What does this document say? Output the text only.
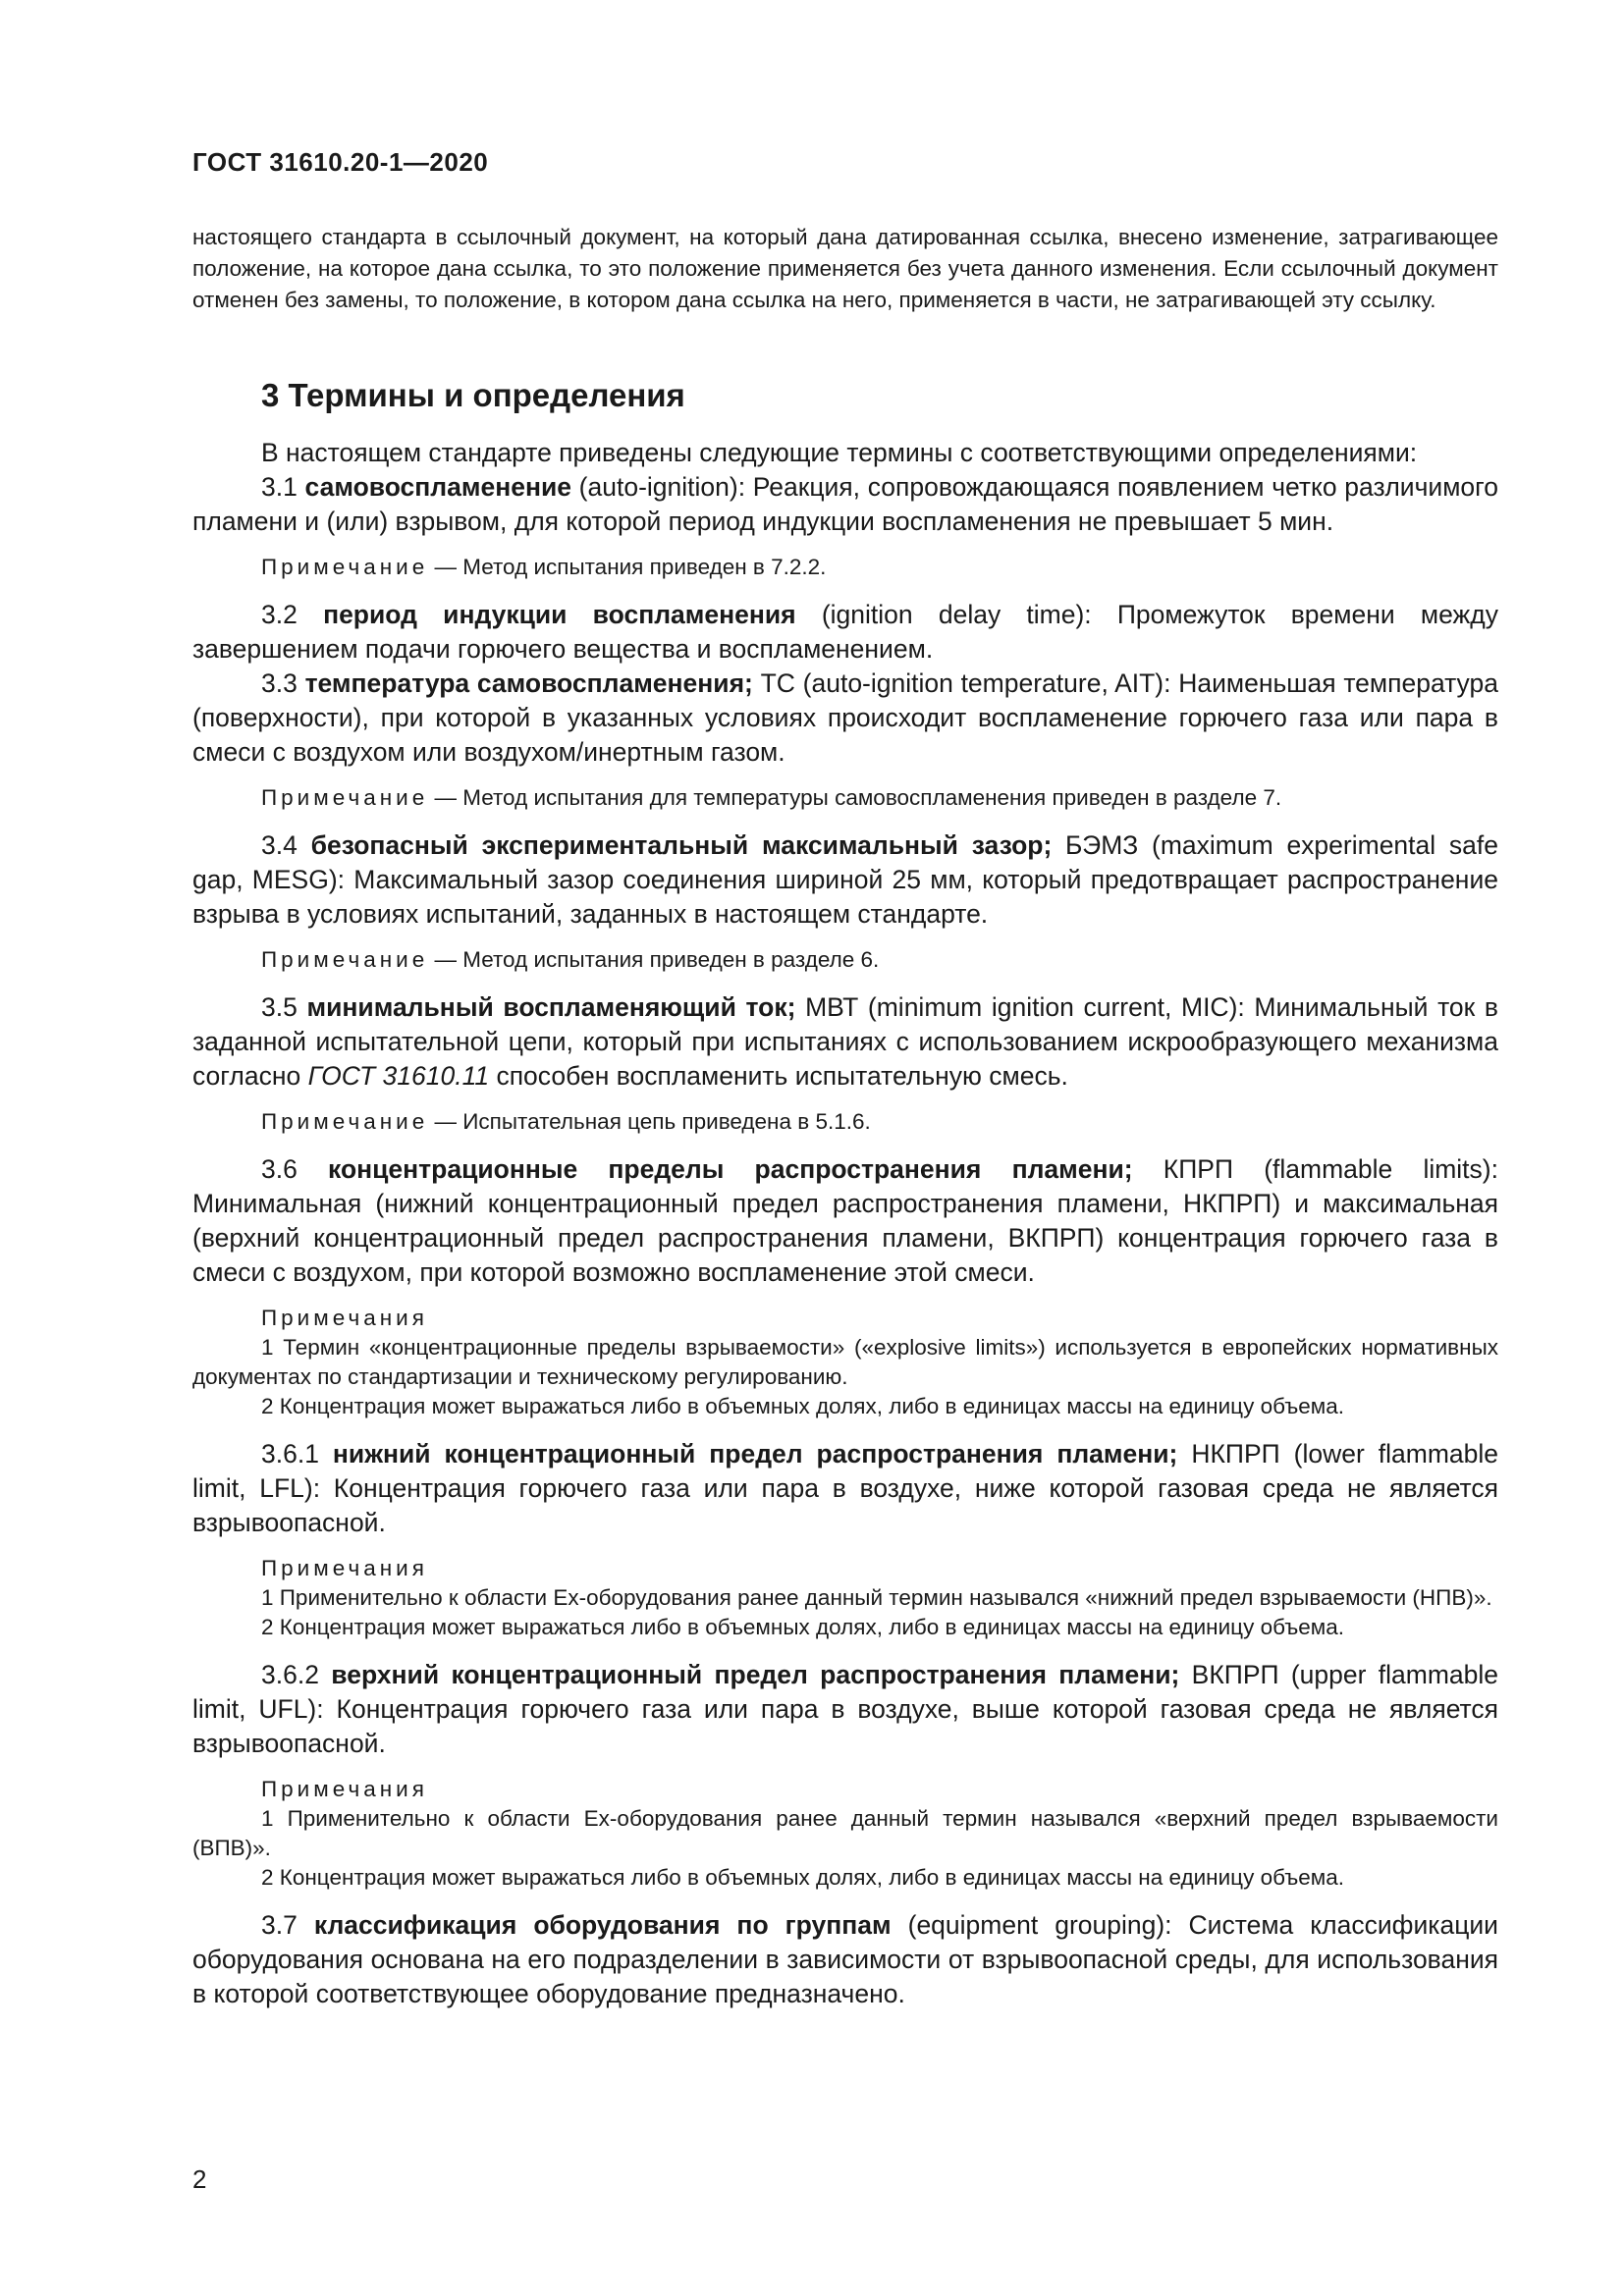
ГОСТ 31610.20-1—2020
настоящего стандарта в ссылочный документ, на который дана датированная ссылка, внесено изменение, затрагивающее положение, на которое дана ссылка, то это положение применяется без учета данного изменения. Если ссылочный документ отменен без замены, то положение, в котором дана ссылка на него, применяется в части, не затрагивающей эту ссылку.
3 Термины и определения

В настоящем стандарте приведены следующие термины с соответствующими определениями:

3.1 самовоспламенение (auto-ignition): Реакция, сопровождающаяся появлением четко различимого пламени и (или) взрывом, для которой период индукции воспламенения не превышает 5 мин.

Примечание — Метод испытания приведен в 7.2.2.

3.2 период индукции воспламенения (ignition delay time): Промежуток времени между завершением подачи горючего вещества и воспламенением.

3.3 температура самовоспламенения; ТС (auto-ignition temperature, AIT): Наименьшая температура (поверхности), при которой в указанных условиях происходит воспламенение горючего газа или пара в смеси с воздухом или воздухом/инертным газом.

Примечание — Метод испытания для температуры самовоспламенения приведен в разделе 7.

3.4 безопасный экспериментальный максимальный зазор; БЭМЗ (maximum experimental safe gap, MESG): Максимальный зазор соединения шириной 25 мм, который предотвращает распространение взрыва в условиях испытаний, заданных в настоящем стандарте.

Примечание — Метод испытания приведен в разделе 6.

3.5 минимальный воспламеняющий ток; МВТ (minimum ignition current, MIC): Минимальный ток в заданной испытательной цепи, который при испытаниях с использованием искрообразующего механизма согласно ГОСТ 31610.11 способен воспламенить испытательную смесь.

Примечание — Испытательная цепь приведена в 5.1.6.

3.6 концентрационные пределы распространения пламени; КПРП (flammable limits): Минимальная (нижний концентрационный предел распространения пламени, НКПРП) и максимальная (верхний концентрационный предел распространения пламени, ВКПРП) концентрация горючего газа в смеси с воздухом, при которой возможно воспламенение этой смеси.

Примечания
1 Термин «концентрационные пределы взрываемости» («explosive limits») используется в европейских нормативных документах по стандартизации и техническому регулированию.
2 Концентрация может выражаться либо в объемных долях, либо в единицах массы на единицу объема.

3.6.1 нижний концентрационный предел распространения пламени; НКПРП (lower flammable limit, LFL): Концентрация горючего газа или пара в воздухе, ниже которой газовая среда не является взрывоопасной.

Примечания
1 Применительно к области Ex-оборудования ранее данный термин назывался «нижний предел взрываемости (НПВ)».
2 Концентрация может выражаться либо в объемных долях, либо в единицах массы на единицу объема.

3.6.2 верхний концентрационный предел распространения пламени; ВКПРП (upper flammable limit, UFL): Концентрация горючего газа или пара в воздухе, выше которой газовая среда не является взрывоопасной.

Примечания
1 Применительно к области Ex-оборудования ранее данный термин назывался «верхний предел взрываемости (ВПВ)».
2 Концентрация может выражаться либо в объемных долях, либо в единицах массы на единицу объема.

3.7 классификация оборудования по группам (equipment grouping): Система классификации оборудования основана на его подразделении в зависимости от взрывоопасной среды, для использования в которой соответствующее оборудование предназначено.

2
